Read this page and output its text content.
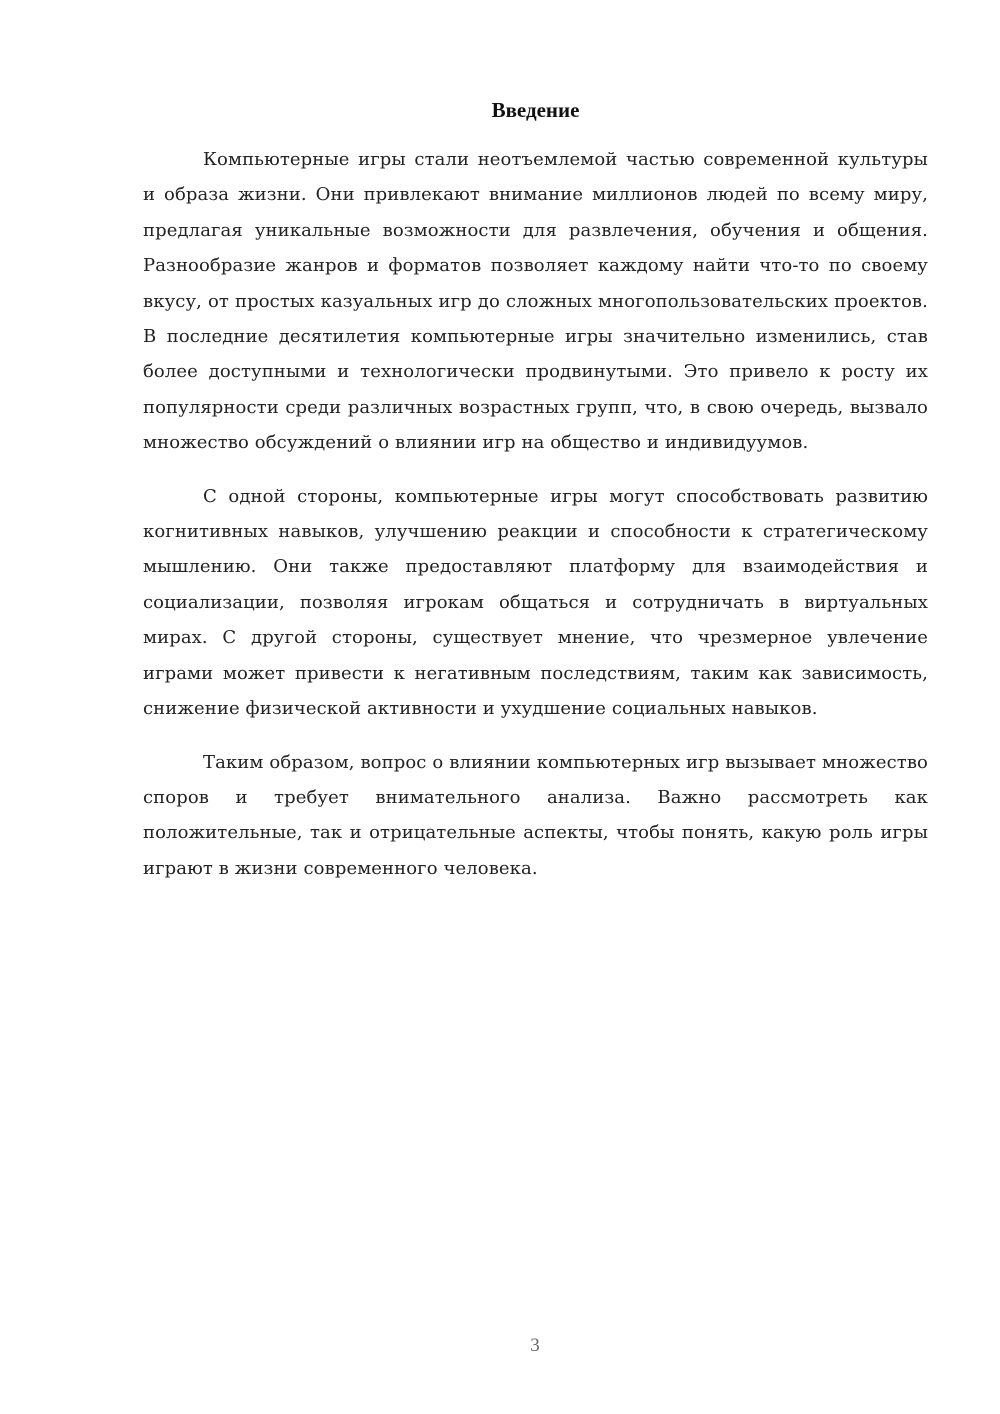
Введение

Компьютерные игры стали неотъемлемой частью современной культуры и образа жизни. Они привлекают внимание миллионов людей по всему миру, предлагая уникальные возможности для развлечения, обучения и общения. Разнообразие жанров и форматов позволяет каждому найти что-то по своему вкусу, от простых казуальных игр до сложных многопользовательских проектов. В последние десятилетия компьютерные игры значительно изменились, став более доступными и технологически продвинутыми. Это привело к росту их популярности среди различных возрастных групп, что, в свою очередь, вызвало множество обсуждений о влиянии игр на общество и индивидуумов.

С одной стороны, компьютерные игры могут способствовать развитию когнитивных навыков, улучшению реакции и способности к стратегическому мышлению. Они также предоставляют платформу для взаимодействия и социализации, позволяя игрокам общаться и сотрудничать в виртуальных мирах. С другой стороны, существует мнение, что чрезмерное увлечение играми может привести к негативным последствиям, таким как зависимость, снижение физической активности и ухудшение социальных навыков.

Таким образом, вопрос о влиянии компьютерных игр вызывает множество споров и требует внимательного анализа. Важно рассмотреть как положительные, так и отрицательные аспекты, чтобы понять, какую роль игры играют в жизни современного человека.

3
